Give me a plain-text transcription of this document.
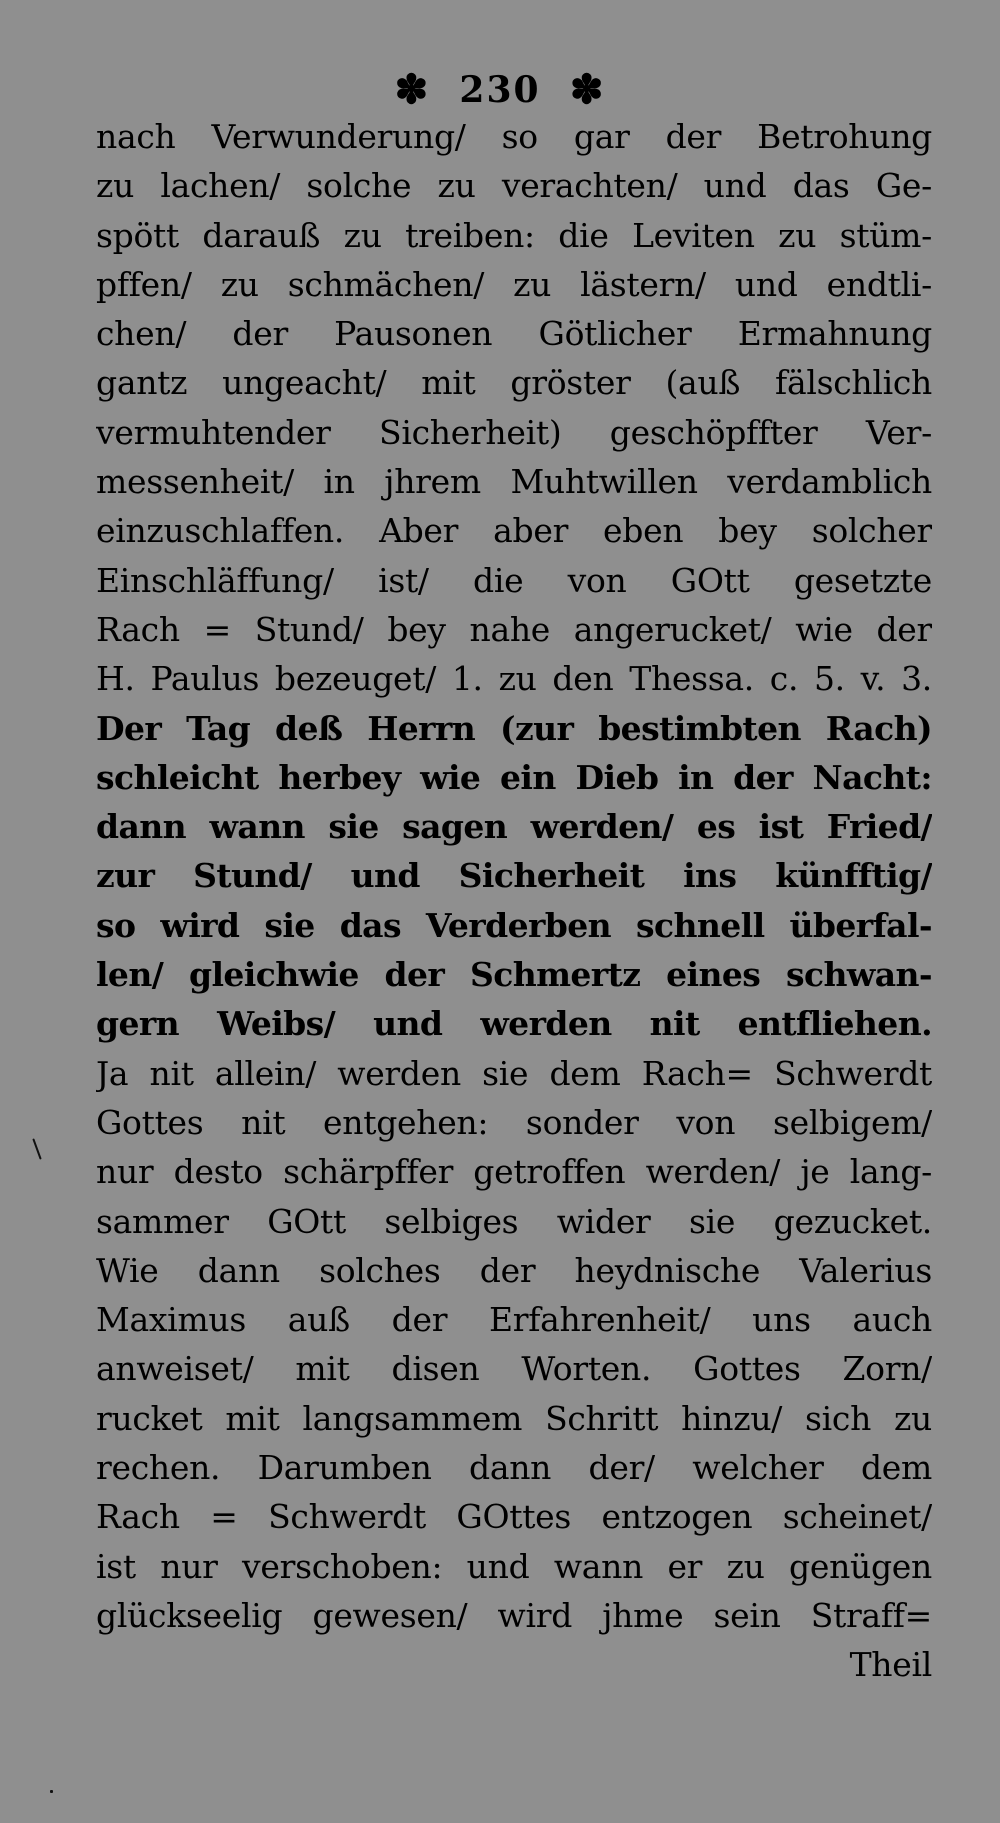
✽ 230 ✽
nach Verwunderung/ so gar der Betrohung
zu lachen/ solche zu verachten/ und das Ge-
spött darauß zu treiben: die Leviten zu stüm-
pffen/ zu schmächen/ zu lästern/ und endtli-
chen/ der Pausonen Götlicher Ermahnung
gantz ungeacht/ mit gröster (auß fälschlich
vermuhtender Sicherheit) geschöpffter Ver-
messenheit/ in jhrem Muhtwillen verdamblich
einzuschlaffen. Aber aber eben bey solcher
Einschläffung/ ist/ die von GOtt gesetzte
Rach = Stund/ bey nahe angerucket/ wie der
H. Paulus bezeuget/ 1. zu den Thessa. c. 5. v. 3.
Der Tag deß Herrn (zur bestimbten Rach)
schleicht herbey wie ein Dieb in der Nacht:
dann wann sie sagen werden/ es ist Fried/
zur Stund/ und Sicherheit ins künfftig/
so wird sie das Verderben schnell überfal-
len/ gleichwie der Schmertz eines schwan-
gern Weibs/ und werden nit entfliehen.
Ja nit allein/ werden sie dem Rach= Schwerdt
Gottes nit entgehen: sonder von selbigem/
nur desto schärpffer getroffen werden/ je lang-
sammer GOtt selbiges wider sie gezucket.
Wie dann solches der heydnische Valerius
Maximus auß der Erfahrenheit/ uns auch
anweiset/ mit disen Worten. Gottes Zorn/
rucket mit langsammem Schritt hinzu/ sich zu
rechen. Darumben dann der/ welcher dem
Rach = Schwerdt GOttes entzogen scheinet/
ist nur verschoben: und wann er zu genügen
glückseelig gewesen/ wird jhme sein Straff=
Theil
